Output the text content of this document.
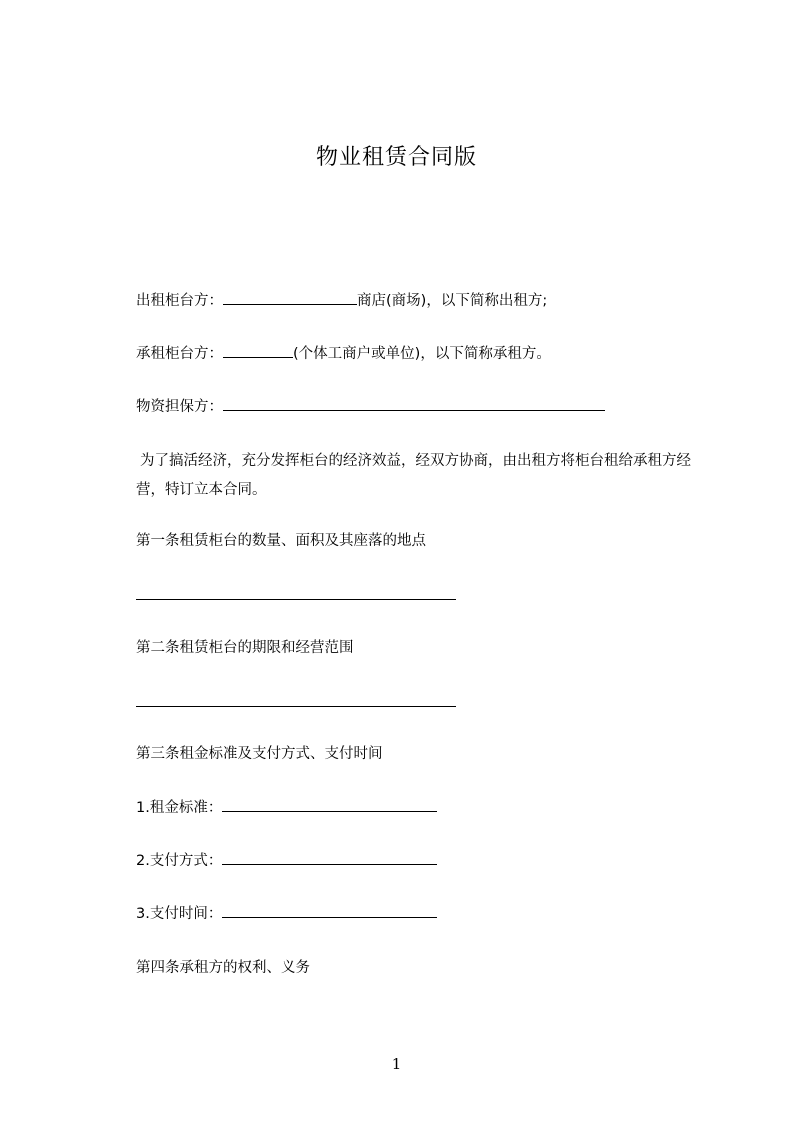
物业租赁合同版
出租柜台方：	商店(商场)，以下简称出租方;
承租柜台方：	(个体工商户或单位)，以下简称承租方。
物资担保方：
为了搞活经济，充分发挥柜台的经济效益，经双方协商，由出租方将柜台租给承租方经营，特订立本合同。
第一条租赁柜台的数量、面积及其座落的地点
第二条租赁柜台的期限和经营范围
第三条租金标准及支付方式、支付时间
1.租金标准：
2.支付方式：
3.支付时间：
第四条承租方的权利、义务
1
